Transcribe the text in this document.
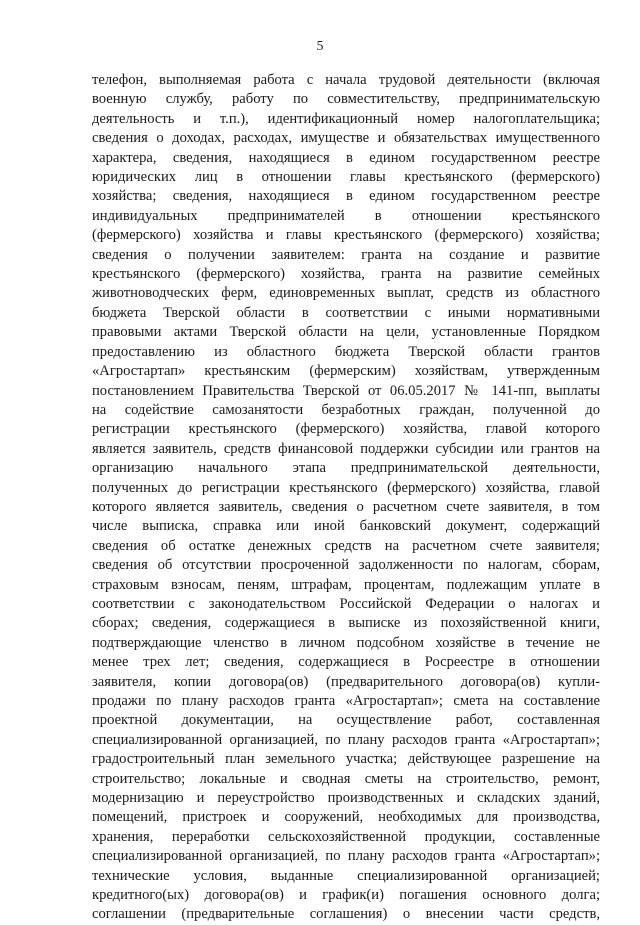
5
телефон, выполняемая работа с начала трудовой деятельности (включая
военную службу, работу по совместительству, предпринимательскую
деятельность и т.п.), идентификационный номер налогоплательщика;
сведения о доходах, расходах, имуществе и обязательствах имущественного
характера, сведения, находящиеся в едином государственном реестре
юридических лиц в отношении главы крестьянского (фермерского)
хозяйства; сведения, находящиеся в едином государственном реестре
индивидуальных предпринимателей в отношении крестьянского
(фермерского) хозяйства и главы крестьянского (фермерского) хозяйства;
сведения о получении заявителем: гранта на создание и развитие
крестьянского (фермерского) хозяйства, гранта на развитие семейных
животноводческих ферм, единовременных выплат, средств из областного
бюджета Тверской области в соответствии с иными нормативными
правовыми актами Тверской области на цели, установленные Порядком
предоставлению из областного бюджета Тверской области грантов
«Агростартап» крестьянским (фермерским) хозяйствам, утвержденным
постановлением Правительства Тверской от 06.05.2017 № 141-пп, выплаты
на содействие самозанятости безработных граждан, полученной до
регистрации крестьянского (фермерского) хозяйства, главой которого
является заявитель, средств финансовой поддержки субсидии или грантов на
организацию начального этапа предпринимательской деятельности,
полученных до регистрации крестьянского (фермерского) хозяйства, главой
которого является заявитель, сведения о расчетном счете заявителя, в том
числе выписка, справка или иной банковский документ, содержащий
сведения об остатке денежных средств на расчетном счете заявителя;
сведения об отсутствии просроченной задолженности по налогам, сборам,
страховым взносам, пеням, штрафам, процентам, подлежащим уплате в
соответствии с законодательством Российской Федерации о налогах и
сборах; сведения, содержащиеся в выписке из похозяйственной книги,
подтверждающие членство в личном подсобном хозяйстве в течение не
менее трех лет; сведения, содержащиеся в Росреестре в отношении
заявителя, копии договора(ов) (предварительного договора(ов) купли-
продажи по плану расходов гранта «Агростартап»; смета на составление
проектной документации, на осуществление работ, составленная
специализированной организацией, по плану расходов гранта «Агростартап»;
градостроительный план земельного участка; действующее разрешение на
строительство; локальные и сводная сметы на строительство, ремонт,
модернизацию и переустройство производственных и складских зданий,
помещений, пристроек и сооружений, необходимых для производства,
хранения, переработки сельскохозяйственной продукции, составленные
специализированной организацией, по плану расходов гранта «Агростартап»;
технические условия, выданные специализированной организацией;
кредитного(ых) договора(ов) и график(и) погашения основного долга;
соглашении (предварительные соглашения) о внесении части средств,
